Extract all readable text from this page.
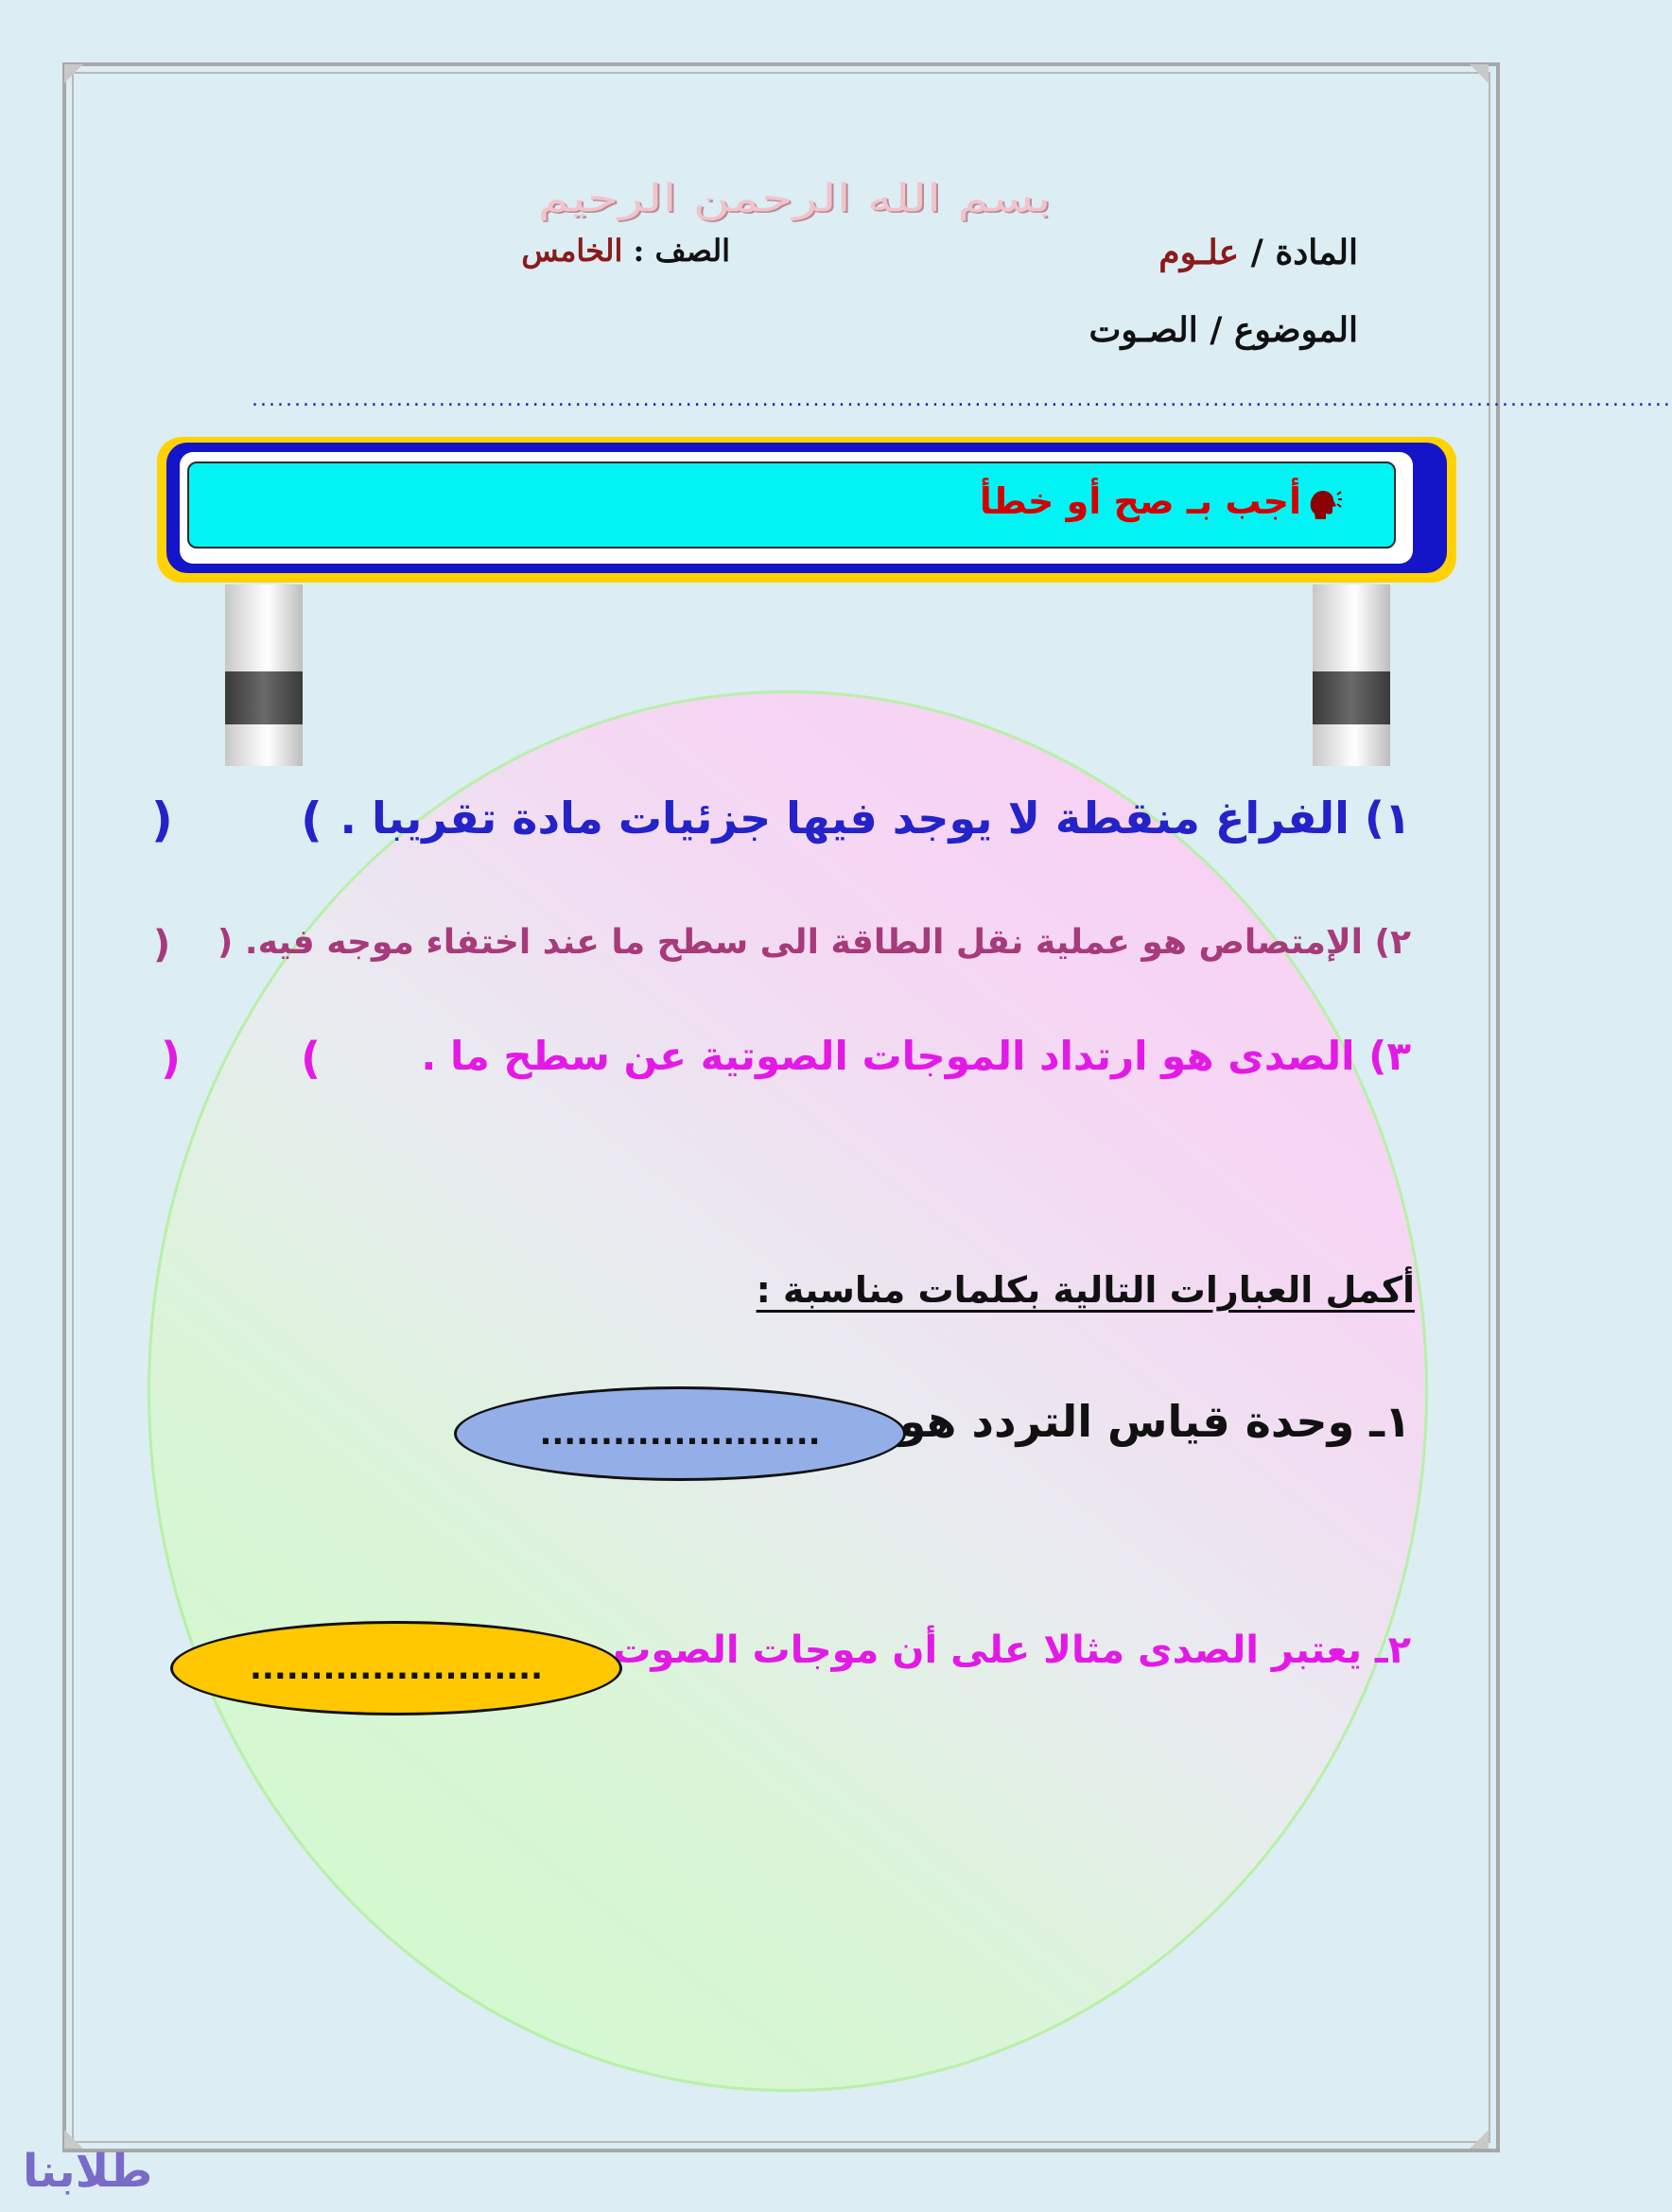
بسم الله الرحمن الرحيم
المادة / علـوم
الصف : الخامس
الموضوع / الصـوت
.......................................................................................................................................................................
أجب بـ صح أو خطأ
١) الفراغ منقطة لا يوجد فيها جزئيات مادة تقريبا .
(
)
٢) الإمتصاص هو عملية نقل الطاقة الى سطح ما عند اختفاء موجه فيه. (
)
٣) الصدى هو ارتداد الموجات الصوتية عن سطح ما .
(
)
أكمل العبارات التالية بكلمات مناسبة :
١ـ وحدة قياس التردد هو
.......................
٢ـ يعتبر الصدى مثالا على أن موجات الصوت
........................
طلابنا
